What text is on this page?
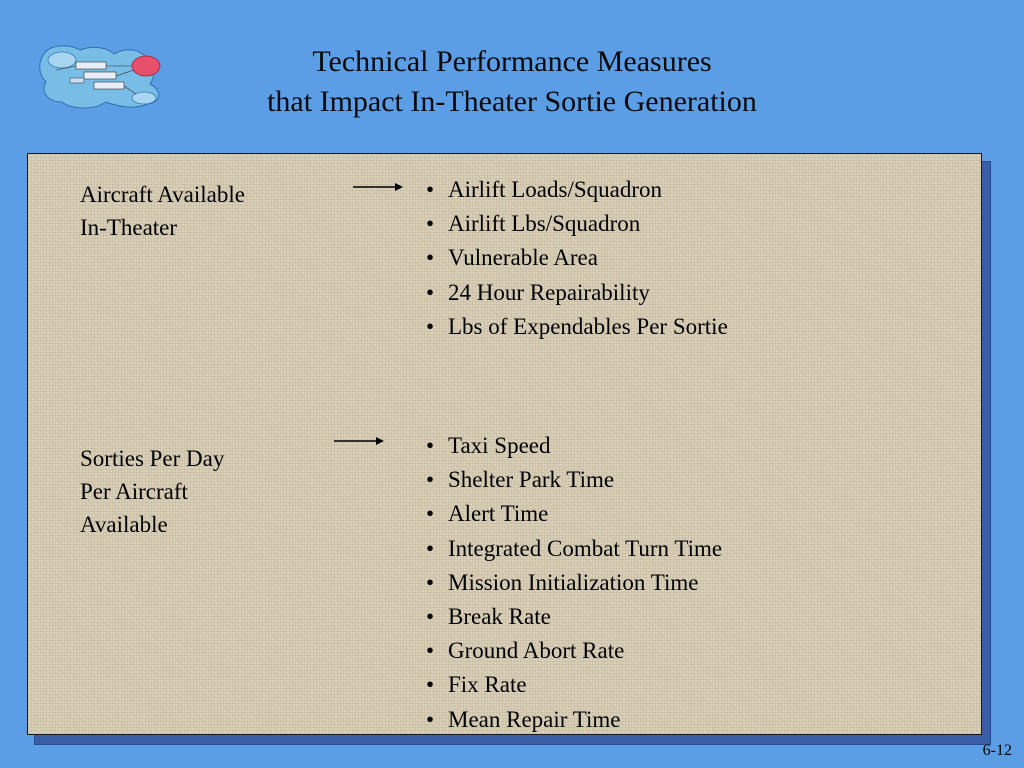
Technical Performance Measures
that Impact In-Theater Sortie Generation
Aircraft Available
In-Theater
• Airlift Loads/Squadron
• Airlift Lbs/Squadron
• Vulnerable Area
• 24 Hour Repairability
• Lbs of Expendables Per Sortie
Sorties Per Day
Per Aircraft
Available
• Taxi Speed
• Shelter Park Time
• Alert Time
• Integrated Combat Turn Time
• Mission Initialization Time
• Break Rate
• Ground Abort Rate
• Fix Rate
• Mean Repair Time
6-12
